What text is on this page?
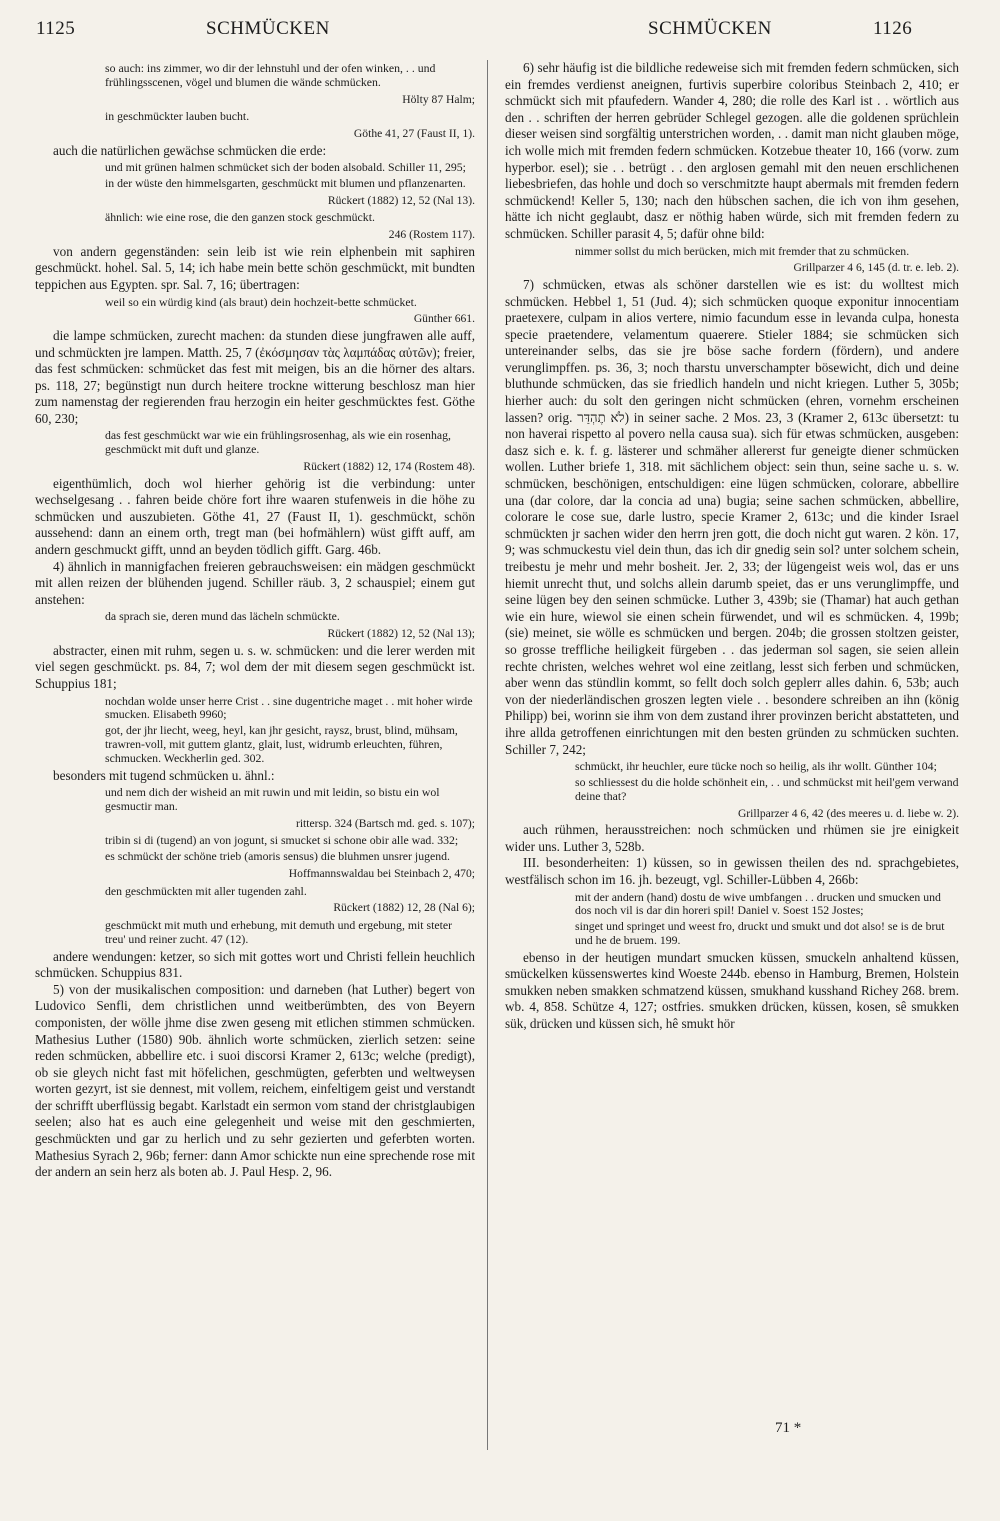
1125	SCHMÜCKEN	SCHMÜCKEN	1126

so auch: ins zimmer, wo dir der lehnstuhl und der ofen winken, . . und frühlingsscenen, vögel und blumen die wände schmücken.

Hölty 87 Halm;

in geschmückter lauben bucht.

Göthe 41, 27 (Faust II, 1).

auch die natürlichen gewächse schmücken die erde:

und mit grünen halmen schmücket sich der boden alsobald. Schiller 11, 295;

in der wüste den himmelsgarten, geschmückt mit blumen und pflanzenarten.

Rückert (1882) 12, 52 (Nal 13).

ähnlich: wie eine rose, die den ganzen stock geschmückt.

246 (Rostem 117).

von andern gegenständen: sein leib ist wie rein elphenbein mit saphiren geschmückt. hohel. Sal. 5, 14; ich habe mein bette schön geschmückt, mit bundten teppichen aus Egypten. spr. Sal. 7, 16; übertragen:

weil so ein würdig kind (als braut) dein hochzeit-bette schmücket.

Günther 661.

die lampe schmücken, zurecht machen: da stunden diese jungfrawen alle auff, und schmückten jre lampen. Matth. 25, 7 (ἐκόσμησαν τὰς λαμπάδας αὐτῶν); freier, das fest schmücken: schmücket das fest mit meigen, bis an die hörner des altars. ps. 118, 27; begünstigt nun durch heitere trockne witterung beschlosz man hier zum namenstag der regierenden frau herzogin ein heiter geschmücktes fest. Göthe 60, 230;

das fest geschmückt war wie ein frühlingsrosenhag, als wie ein rosenhag, geschmückt mit duft und glanze.

Rückert (1882) 12, 174 (Rostem 48).

eigenthümlich, doch wol hierher gehörig ist die verbindung: unter wechselgesang . . fahren beide chöre fort ihre waaren stufenweis in die höhe zu schmücken und auszubieten. Göthe 41, 27 (Faust II, 1). geschmückt, schön aussehend: dann an einem orth, tregt man (bei hofmählern) wüst gifft auff, am andern geschmuckt gifft, unnd an beyden tödlich gifft. Garg. 46b.

4) ähnlich in mannigfachen freieren gebrauchsweisen: ein mädgen geschmückt mit allen reizen der blühenden jugend. Schiller räub. 3, 2 schauspiel; einem gut anstehen:

da sprach sie, deren mund das lächeln schmückte.

Rückert (1882) 12, 52 (Nal 13);

abstracter, einen mit ruhm, segen u. s. w. schmücken: und die lerer werden mit viel segen geschmückt. ps. 84, 7; wol dem der mit diesem segen geschmückt ist. Schuppius 181;

nochdan wolde unser herre Crist . . sine dugentriche maget . . mit hoher wirde smucken. Elisabeth 9960;

got, der jhr liecht, weeg, heyl, kan jhr gesicht, raysz, brust, blind, mühsam, trawren-voll, mit guttem glantz, glait, lust, widrumb erleuchten, führen, schmucken. Weckherlin ged. 302.

besonders mit tugend schmücken u. ähnl.:

und nem dich der wisheid an mit ruwin und mit leidin, so bistu ein wol gesmuctir man.

rittersp. 324 (Bartsch md. ged. s. 107);

tribin si di (tugend) an von jogunt, si smucket si schone obir alle wad. 332;

es schmückt der schöne trieb (amoris sensus) die bluhmen unsrer jugend.

Hoffmannswaldau bei Steinbach 2, 470;

den geschmückten mit aller tugenden zahl.

Rückert (1882) 12, 28 (Nal 6);

geschmückt mit muth und erhebung, mit demuth und ergebung, mit steter treu' und reiner zucht. 47 (12).

andere wendungen: ketzer, so sich mit gottes wort und Christi fellein heuchlich schmücken. Schuppius 831.

5) von der musikalischen composition: und darneben (hat Luther) begert von Ludovico Senfli, dem christlichen unnd weitberümbten, des von Beyern componisten, der wölle jhme dise zwen geseng mit etlichen stimmen schmücken. Mathesius Luther (1580) 90b. ähnlich worte schmücken, zierlich setzen: seine reden schmücken, abbellire etc. i suoi discorsi Kramer 2, 613c; welche (predigt), ob sie gleych nicht fast mit höfelichen, geschmügten, geferbten und weltweysen worten gezyrt, ist sie dennest, mit vollem, reichem, einfeltigem geist und verstandt der schrifft uberflüssig begabt. Karlstadt ein sermon vom stand der christglaubigen seelen; also hat es auch eine gelegenheit und weise mit den geschmierten, geschmückten und gar zu herlich und zu sehr gezierten und geferbten worten. Mathesius Syrach 2, 96b; ferner: dann Amor schickte nun eine sprechende rose mit der andern an sein herz als boten ab. J. Paul Hesp. 2, 96.

6) sehr häufig ist die bildliche redeweise sich mit fremden federn schmücken, sich ein fremdes verdienst aneignen, furtivis superbire coloribus Steinbach 2, 410; er schmückt sich mit pfaufedern. Wander 4, 280; die rolle des Karl ist . . wörtlich aus den . . schriften der herren gebrüder Schlegel gezogen. alle die goldenen sprüchlein dieser weisen sind sorgfältig unterstrichen worden, . . damit man nicht glauben möge, ich wolle mich mit fremden federn schmücken. Kotzebue theater 10, 166 (vorw. zum hyperbor. esel); sie . . betrügt . . den arglosen gemahl mit den neuen erschlichenen liebesbriefen, das hohle und doch so verschmitzte haupt abermals mit fremden federn schmückend! Keller 5, 130; nach den hübschen sachen, die ich von ihm gesehen, hätte ich nicht geglaubt, dasz er nöthig haben würde, sich mit fremden federn zu schmücken. Schiller parasit 4, 5; dafür ohne bild:

nimmer sollst du mich berücken, mich mit fremder that zu schmücken.

Grillparzer 4 6, 145 (d. tr. e. leb. 2).

7) schmücken, etwas als schöner darstellen wie es ist: du wolltest mich schmücken. Hebbel 1, 51 (Jud. 4); sich schmücken quoque exponitur innocentiam praetexere, culpam in alios vertere, nimio facundum esse in levanda culpa, honesta specie praetendere, velamentum quaerere. Stieler 1884; sie schmücken sich untereinander selbs, das sie jre böse sache fordern (fördern), und andere verunglimpffen. ps. 36, 3; noch tharstu unverschampter bösewicht, dich und deine bluthunde schmücken, das sie friedlich handeln und nicht kriegen. Luther 5, 305b; hierher auch: du solt den geringen nicht schmücken (ehren, vornehm erscheinen lassen? orig. לֹא תֶהְדַּר) in seiner sache. 2 Mos. 23, 3 (Kramer 2, 613c übersetzt: tu non haverai rispetto al povero nella causa sua). sich für etwas schmücken, ausgeben: dasz sich e. k. f. g. lästerer und schmäher allererst fur geneigte diener schmücken wollen. Luther briefe 1, 318. mit sächlichem object: sein thun, seine sache u. s. w. schmücken, beschönigen, entschuldigen: eine lügen schmücken, colorare, abbellire una (dar colore, dar la concia ad una) bugia; seine sachen schmücken, abbellire, colorare le cose sue, darle lustro, specie Kramer 2, 613c; und die kinder Israel schmückten jr sachen wider den herrn jren gott, die doch nicht gut waren. 2 kön. 17, 9; was schmuckestu viel dein thun, das ich dir gnedig sein sol? unter solchem schein, treibestu je mehr und mehr bosheit. Jer. 2, 33; der lügengeist weis wol, das er uns hiemit unrecht thut, und solchs allein darumb speiet, das er uns verunglimpffe, und seine lügen bey den seinen schmücke. Luther 3, 439b; sie (Thamar) hat auch gethan wie ein hure, wiewol sie einen schein fürwendet, und wil es schmücken. 4, 199b; (sie) meinet, sie wölle es schmücken und bergen. 204b; die grossen stoltzen geister, so grosse treffliche heiligkeit fürgeben . . das jederman sol sagen, sie seien allein rechte christen, welches wehret wol eine zeitlang, lesst sich ferben und schmücken, aber wenn das stündlin kommt, so fellt doch solch geplerr alles dahin. 6, 53b; auch von der niederländischen groszen legten viele . . besondere schreiben an ihn (könig Philipp) bei, worinn sie ihm von dem zustand ihrer provinzen bericht abstatteten, und ihre allda getroffenen einrichtungen mit den besten gründen zu schmücken suchten. Schiller 7, 242;

schmückt, ihr heuchler, eure tücke noch so heilig, als ihr wollt. Günther 104;

so schliessest du die holde schönheit ein, . . und schmückst mit heil'gem verwand deine that?

Grillparzer 4 6, 42 (des meeres u. d. liebe w. 2).

auch rühmen, herausstreichen: noch schmücken und rhümen sie jre einigkeit wider uns. Luther 3, 528b.

III. besonderheiten: 1) küssen, so in gewissen theilen des nd. sprachgebietes, westfälisch schon im 16. jh. bezeugt, vgl. Schiller-Lübben 4, 266b:

mit der andern (hand) dostu de wive umbfangen . . drucken und smucken und dos noch vil is dar din horeri spil! Daniel v. Soest 152 Jostes;

singet und springet und weest fro, druckt und smukt und dot also! se is de brut und he de bruem. 199.

ebenso in der heutigen mundart smucken küssen, smuckeln anhaltend küssen, smückelken küssenswertes kind Woeste 244b. ebenso in Hamburg, Bremen, Holstein smukken neben smakken schmatzend küssen, smukhand kusshand Richey 268. brem. wb. 4, 858. Schütze 4, 127; ostfries. smukken drücken, küssen, kosen, sê smukken sük, drücken und küssen sich, hê smukt hör

71 *
